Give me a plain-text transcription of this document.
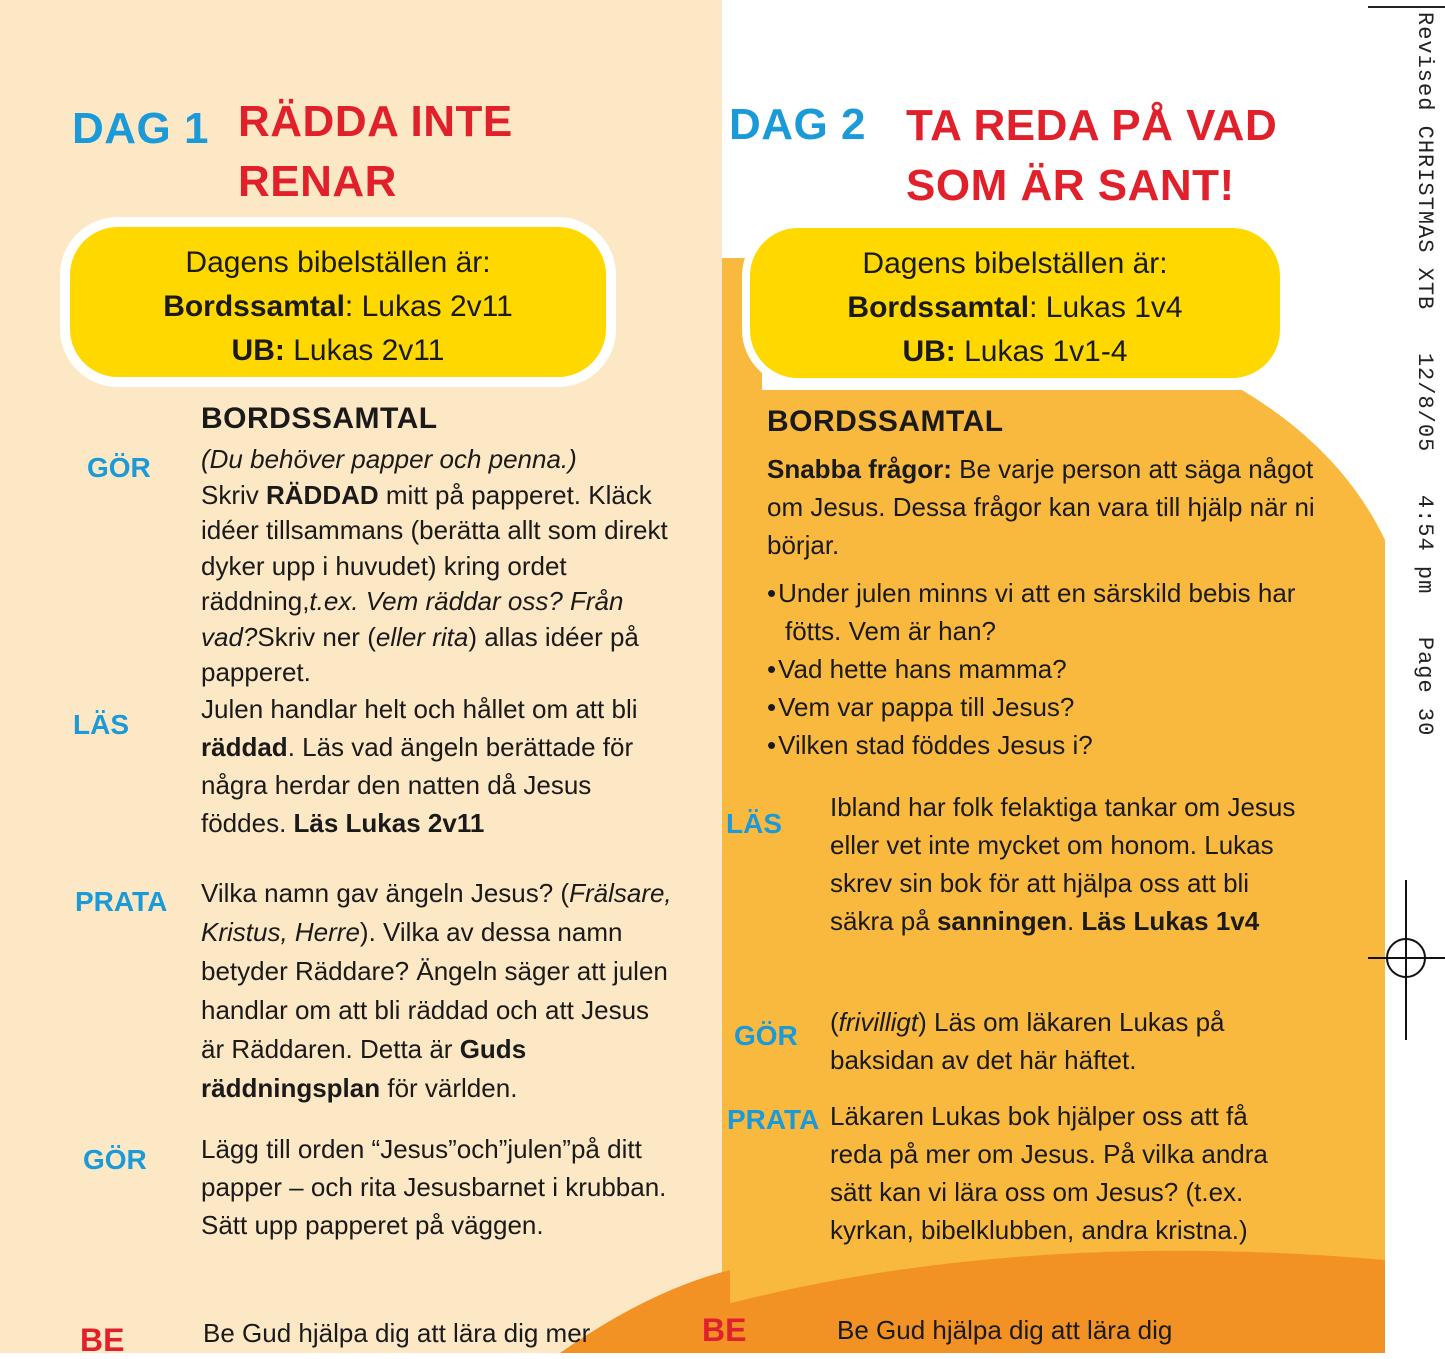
DAG 1 RÄDDA INTE
RENAR
Dagens bibelställen är:
Bordssamtal: Lukas 2v11
UB: Lukas 2v11
BORDSSAMTAL
GÖR (Du behöver papper och penna.)
Skriv RÄDDAD mitt på papperet. Kläck idéer tillsammans (berätta allt som direkt dyker upp i huvudet) kring ordet räddning,t.ex. Vem räddar oss? Från vad?Skriv ner (eller rita) allas idéer på papperet.
LÄS	Julen handlar helt och hållet om att bli räddad. Läs vad ängeln berättade för några herdar den natten då Jesus föddes. Läs Lukas 2v11
PRATA Vilka namn gav ängeln Jesus? (Frälsare, Kristus, Herre). Vilka av dessa namn betyder Räddare? Ängeln säger att julen handlar om att bli räddad och att Jesus är Räddaren. Detta är Guds räddningsplan för världen.
GÖR Lägg till orden “Jesus”och”julen”på ditt papper – och rita Jesusbarnet i krubban. Sätt upp papperet på väggen.
BE	Be Gud hjälpa dig att lära dig mer
DAG 2 TA REDA PÅ VAD
SOM ÄR SANT!
Dagens bibelställen är:
Bordssamtal: Lukas 1v4
UB: Lukas 1v1-4
BORDSSAMTAL
Snabba frågor: Be varje person att säga något om Jesus. Dessa frågor kan vara till hjälp när ni börjar.
• Under julen minns vi att en särskild bebis har fötts. Vem är han?
• Vad hette hans mamma?
• Vem var pappa till Jesus?
• Vilken stad föddes Jesus i?
LÄS
Ibland har folk felaktiga tankar om Jesus eller vet inte mycket om honom. Lukas skrev sin bok för att hjälpa oss att bli säkra på sanningen. Läs Lukas 1v4
GÖR (frivilligt) Läs om läkaren Lukas på baksidan av det här häftet.
PRATA Läkaren Lukas bok hjälper oss att få reda på mer om Jesus. På vilka andra sätt kan vi lära oss om Jesus? (t.ex. kyrkan, bibelklubben, andra kristna.)
BE	Be Gud hjälpa dig att lära dig
Revised CHRISTMAS XTB   12/8/05   4:54 pm   Page 30
